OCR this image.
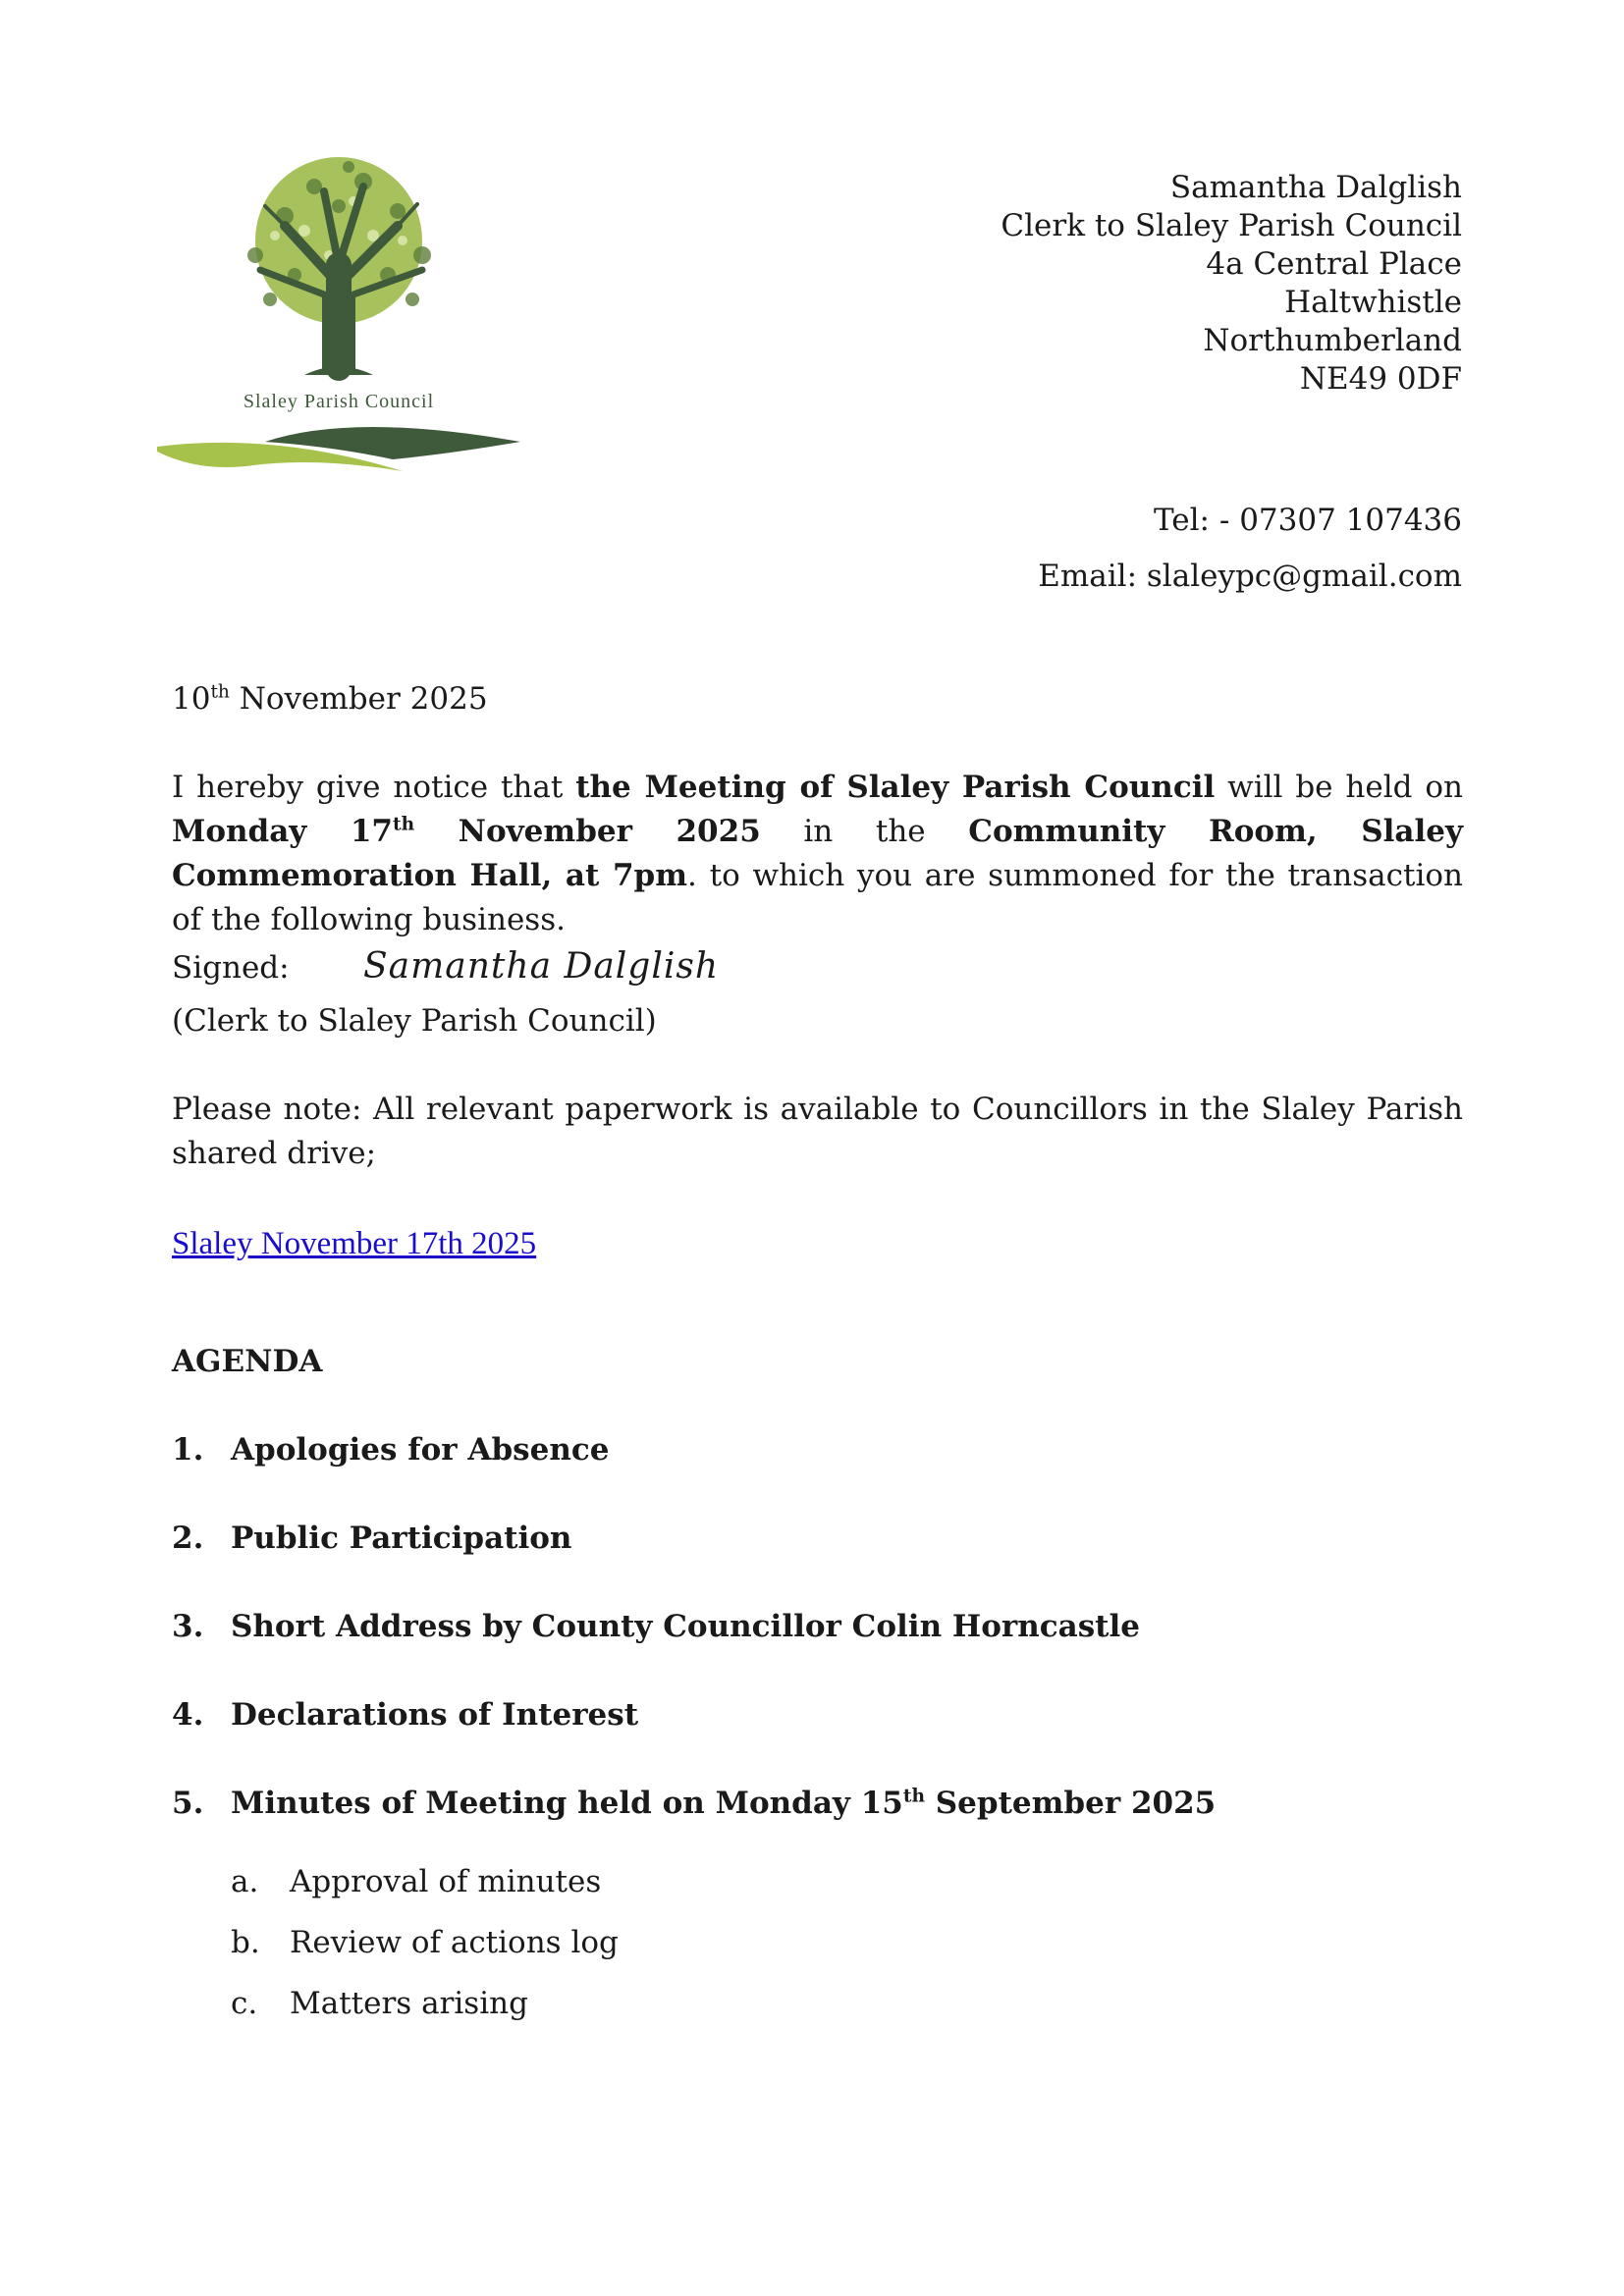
Slaley Parish Council
Samantha Dalglish
Clerk to Slaley Parish Council
4a Central Place
Haltwhistle
Northumberland
NE49 0DF
Tel: - 07307 107436
Email: slaleypc@gmail.com
10th November 2025
I hereby give notice that the Meeting of Slaley Parish Council will be held on Monday 17th November 2025 in the Community Room, Slaley Commemoration Hall, at 7pm. to which you are summoned for the transaction of the following business.
Signed: Samantha Dalglish
(Clerk to Slaley Parish Council)
Please note: All relevant paperwork is available to Councillors in the Slaley Parish shared drive;
Slaley November 17th 2025
AGENDA
1. Apologies for Absence
2. Public Participation
3. Short Address by County Councillor Colin Horncastle
4. Declarations of Interest
5. Minutes of Meeting held on Monday 15th September 2025
a. Approval of minutes
b. Review of actions log
c. Matters arising
